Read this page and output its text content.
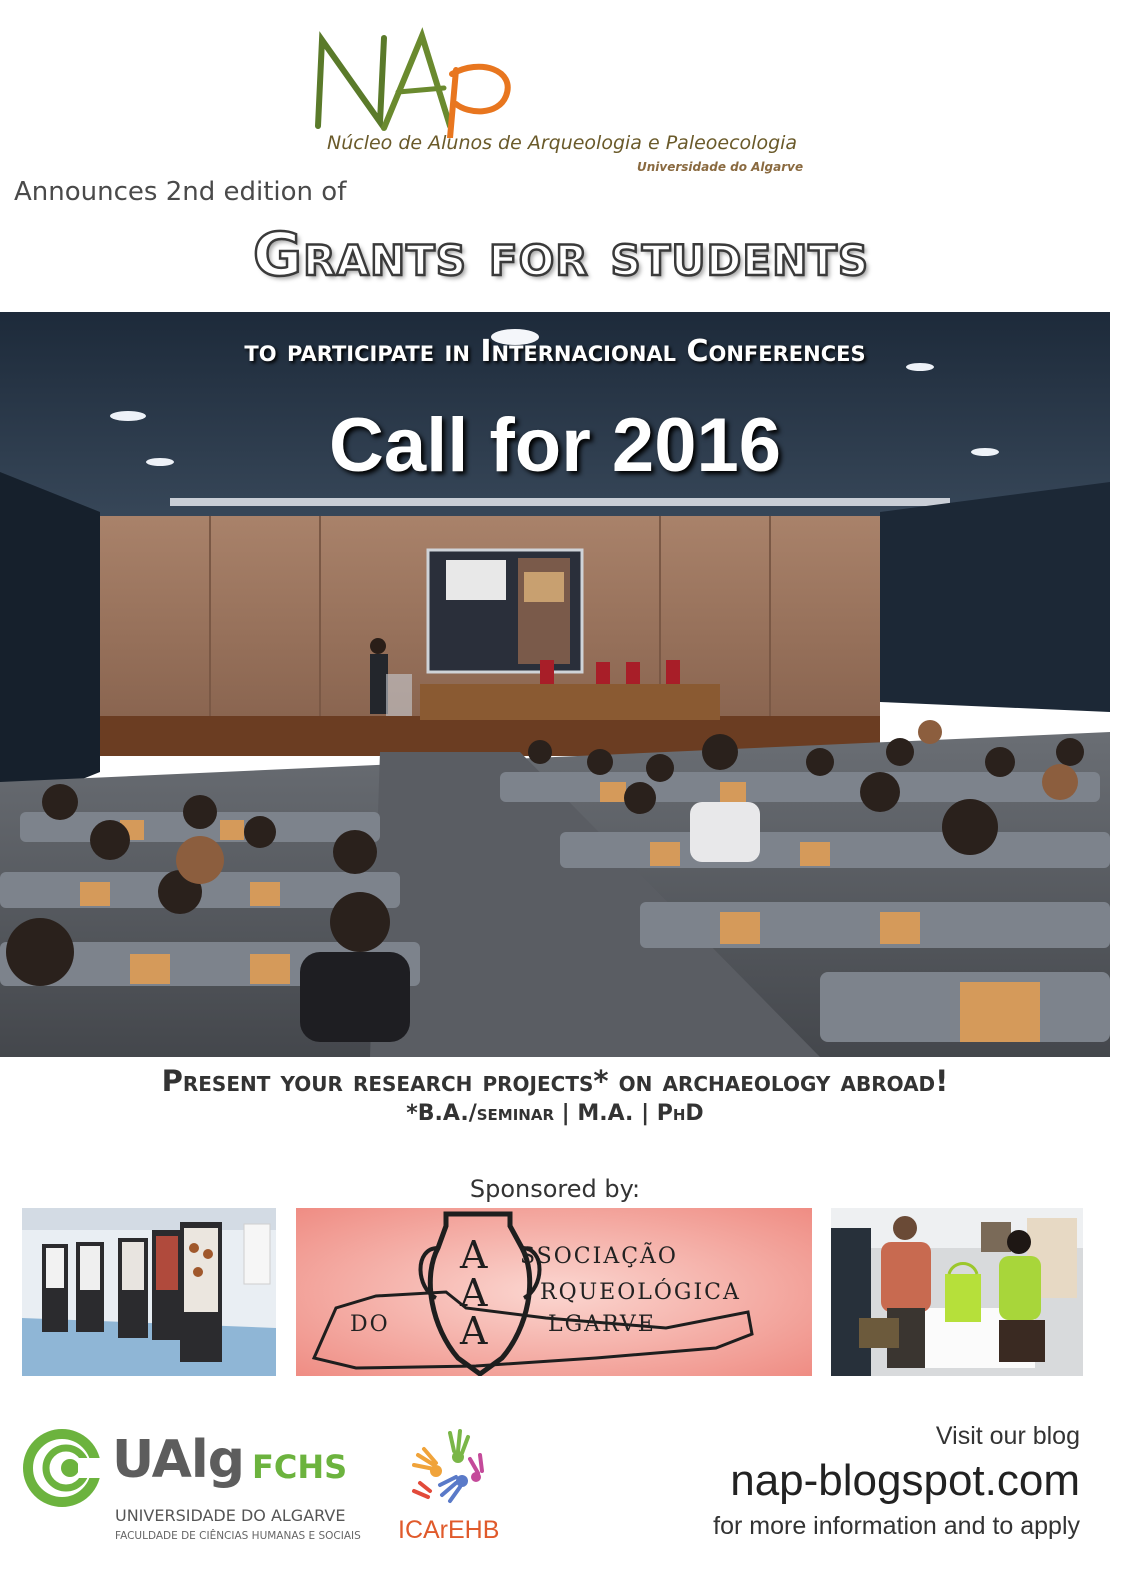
Núcleo de Alunos de Arqueologia e Paleoecologia
Universidade do Algarve
Announces 2nd edition of
Grants for students
to participate in Internacional Conferences
Call for 2016
Present your research projects* on archaeology abroad!
*B.A./seminar | M.A. | PhD
Sponsored by:
A
A
A
SSOCIAÇÃO
RQUEOLÓGICA
DO	LGARVE
UAlg FCHS
UNIVERSIDADE DO ALGARVE
FACULDADE DE CIÊNCIAS HUMANAS E SOCIAIS ICArEHB
Visit our blog
nap-blogspot.com
for more information and to apply
